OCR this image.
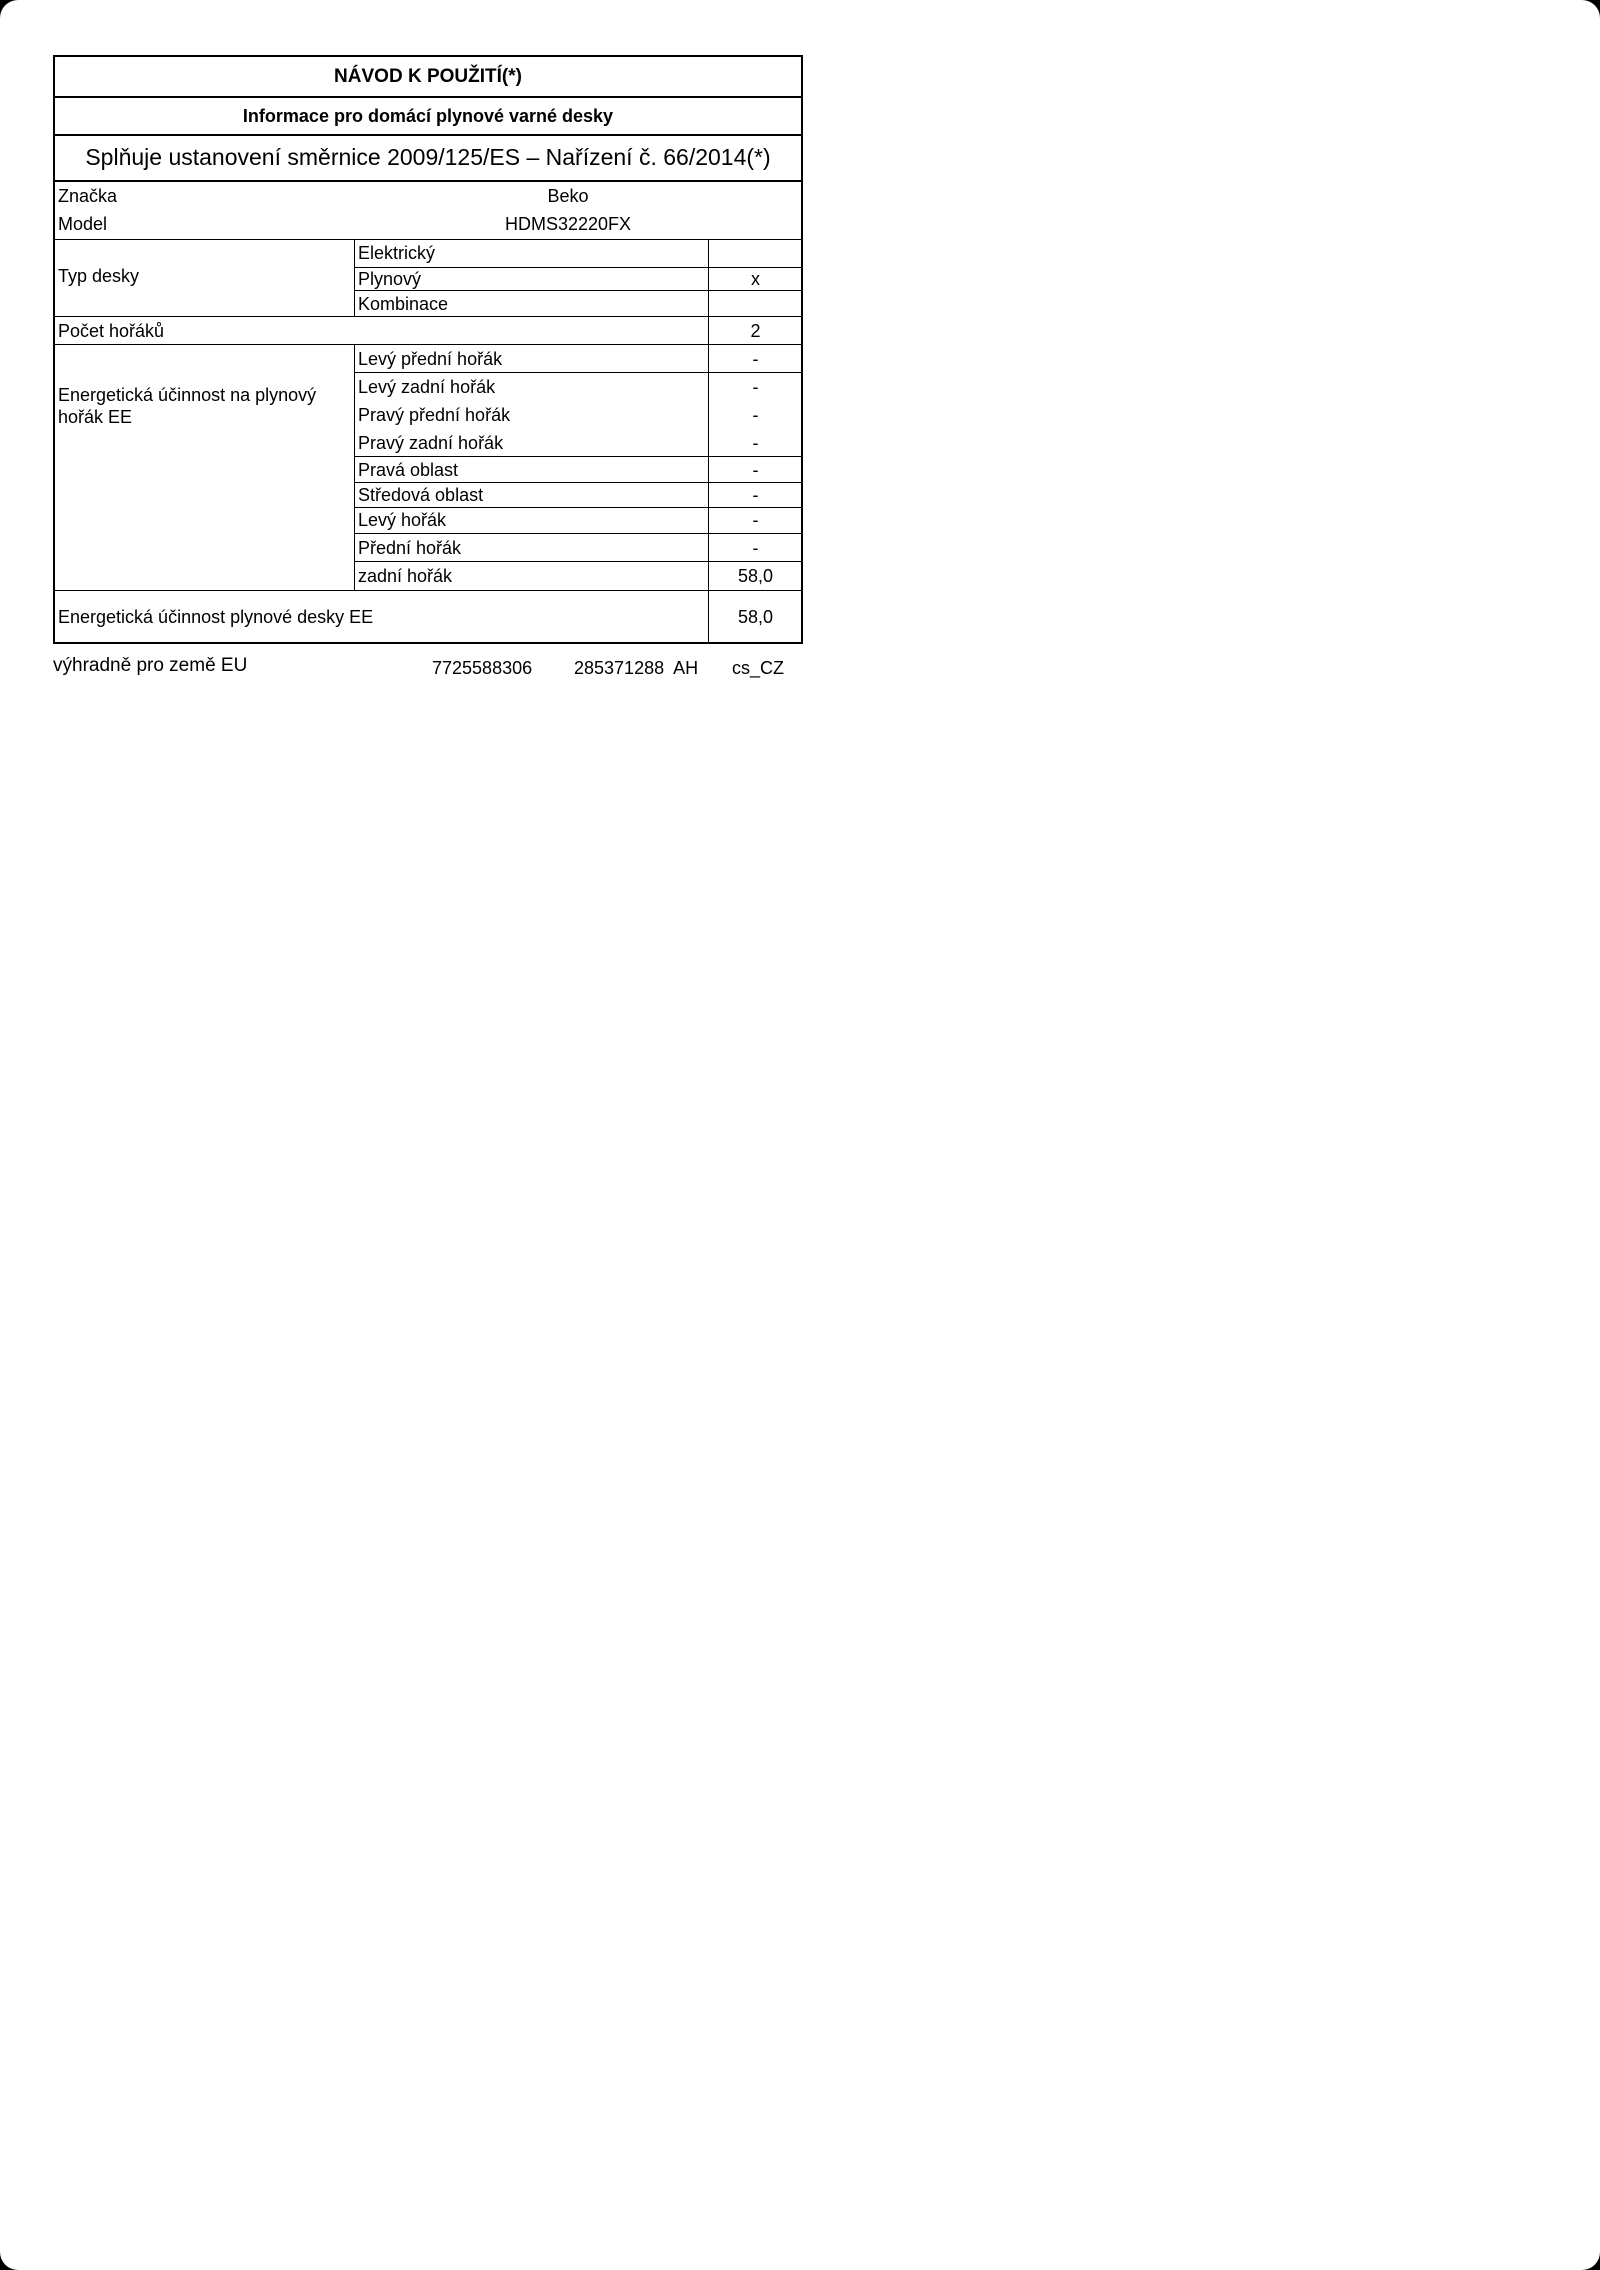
NÁVOD K POUŽITÍ(*)
Informace pro domácí plynové varné desky
Splňuje ustanovení směrnice 2009/125/ES – Nařízení č. 66/2014(*)
Značka	Beko
Model	HDMS32220FX
Typ desky
Elektrický
Plynový	x
Kombinace
Počet hořáků	2
Energetická účinnost na plynový hořák EE
Levý přední hořák	-
Levý zadní hořák	-
Pravý přední hořák	-
Pravý zadní hořák	-
Pravá oblast	-
Středová oblast	-
Levý hořák	-
Přední hořák	-
zadní hořák	58,0
Energetická účinnost plynové desky EE	58,0
výhradně pro země EU	7725588306 285371288  AH cs_CZ
